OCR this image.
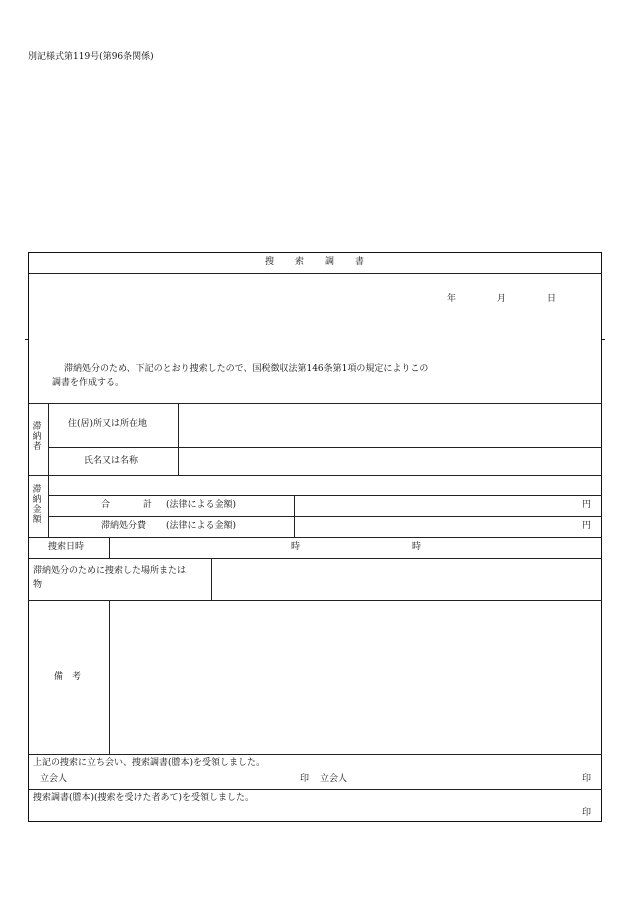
別記様式第119号(第96条関係)
搜　　索　　調　　書
年	月	日
滞納処分のため、下記のとおり捜索したので、国税徴収法第146条第1項の規定によりこの
調書を作成する。
滞納者
住(居)所又は所在地
氏名又は名称
滞納金額
合	計 (法律による金額)	円
滞納処分費 (法律による金額)	円
捜索日時	時	時
滞納処分のために捜索した場所または
物
備　考
上記の捜索に立ち会い、捜索調書(謄本)を受領しました。
立会人	印 立会人	印
捜索調書(謄本)(捜索を受けた者あて)を受領しました。
印
